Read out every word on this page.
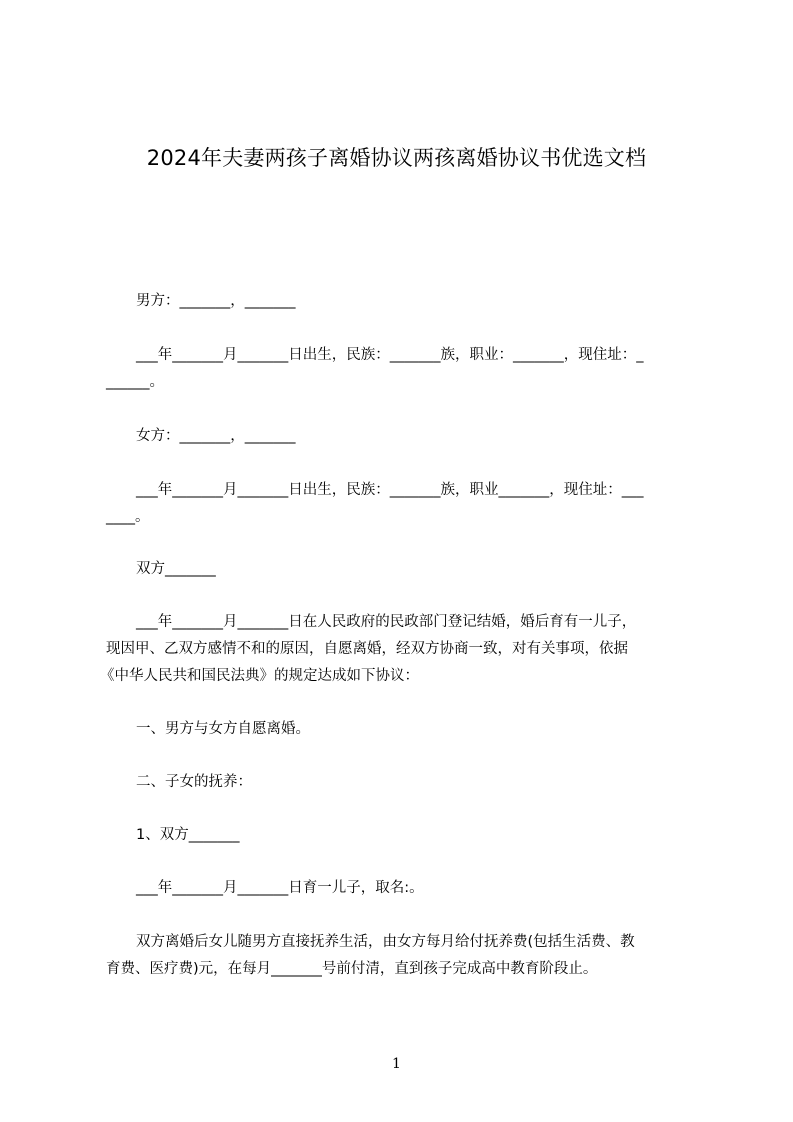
2024年夫妻两孩子离婚协议两孩离婚协议书优选文档
男方：_______，_______
___年_______月_______日出生，民族：_______族，职业：_______，现住址：_
______。
女方：_______，_______
___年_______月_______日出生，民族：_______族，职业_______，现住址：___
____。
双方_______
___年_______月_______日在人民政府的民政部门登记结婚，婚后育有一儿子，
现因甲、乙双方感情不和的原因，自愿离婚，经双方协商一致，对有关事项，依据
《中华人民共和国民法典》的规定达成如下协议：
一、男方与女方自愿离婚。
二、子女的抚养：
1、双方_______
___年_______月_______日育一儿子，取名:。
双方离婚后女儿随男方直接抚养生活，由女方每月给付抚养费(包括生活费、教
育费、医疗费)元，在每月_______号前付清，直到孩子完成高中教育阶段止。
1
